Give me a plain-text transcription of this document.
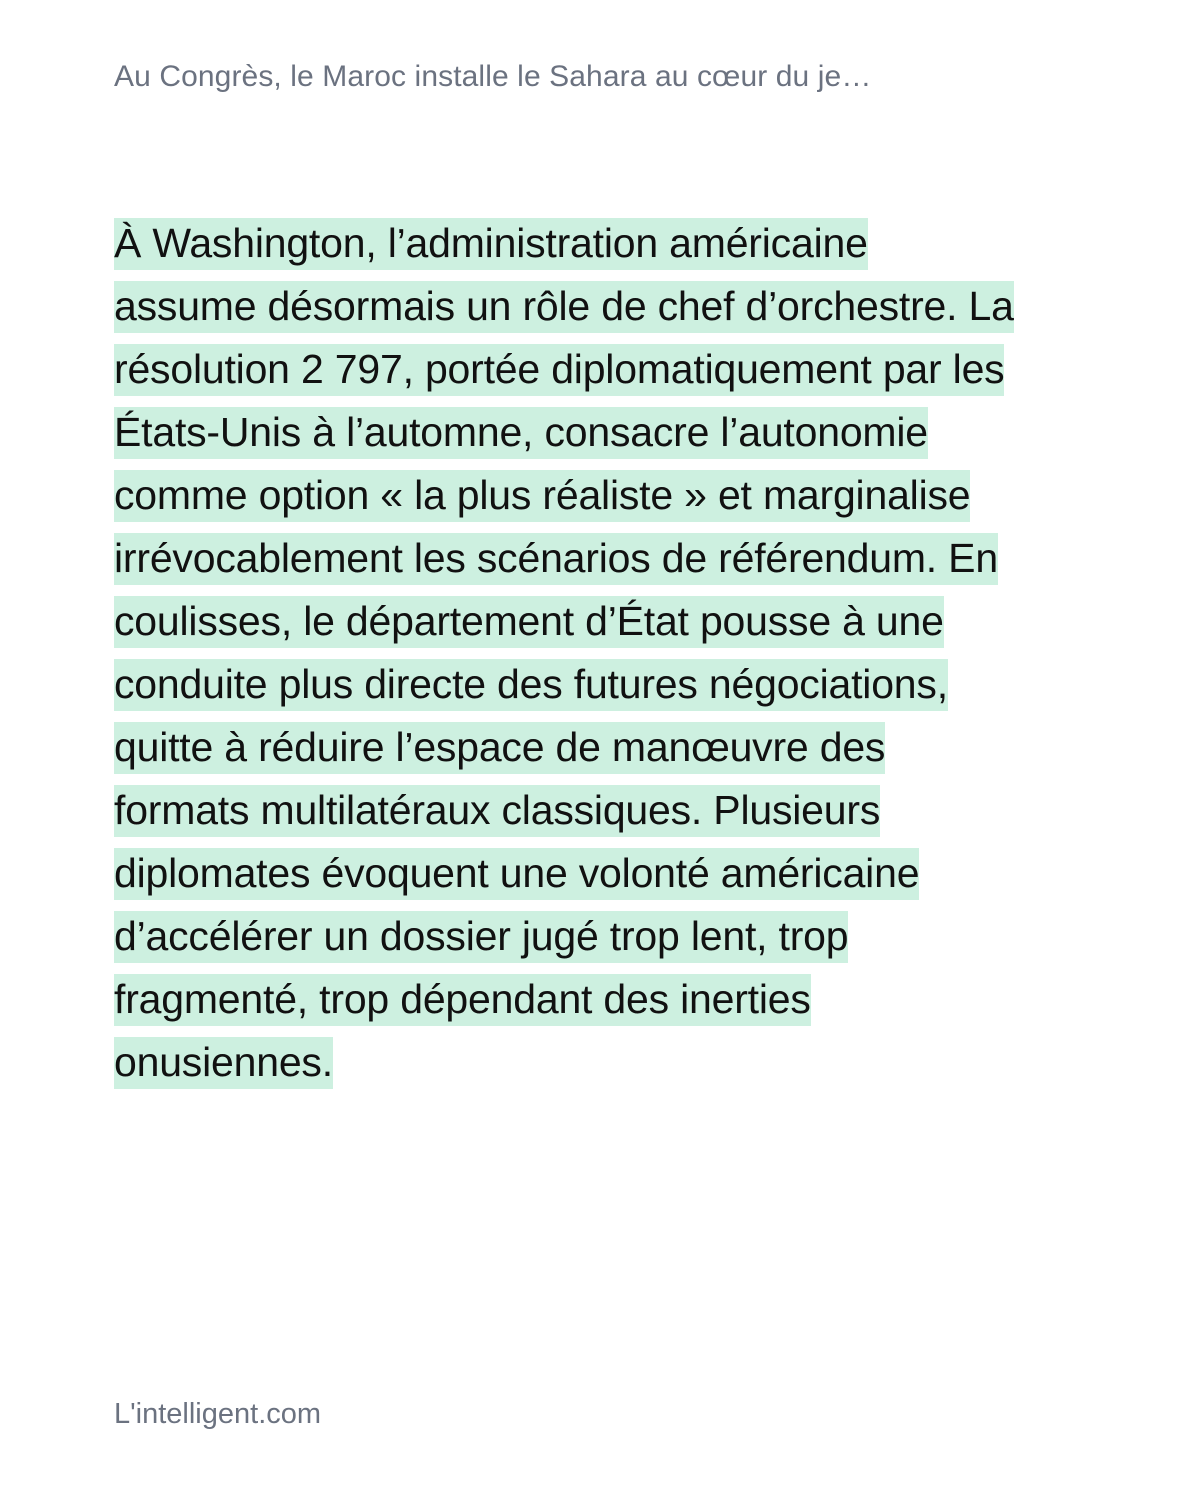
Au Congrès, le Maroc installe le Sahara au cœur du je…
À Washington, l’administration américaine assume désormais un rôle de chef d’orchestre. La résolution 2 797, portée diplomatiquement par les États-Unis à l’automne, consacre l’autonomie comme option « la plus réaliste » et marginalise irrévocablement les scénarios de référendum. En coulisses, le département d’État pousse à une conduite plus directe des futures négociations, quitte à réduire l’espace de manœuvre des formats multilatéraux classiques. Plusieurs diplomates évoquent une volonté américaine d’accélérer un dossier jugé trop lent, trop fragmenté, trop dépendant des inerties onusiennes.
L'intelligent.com
